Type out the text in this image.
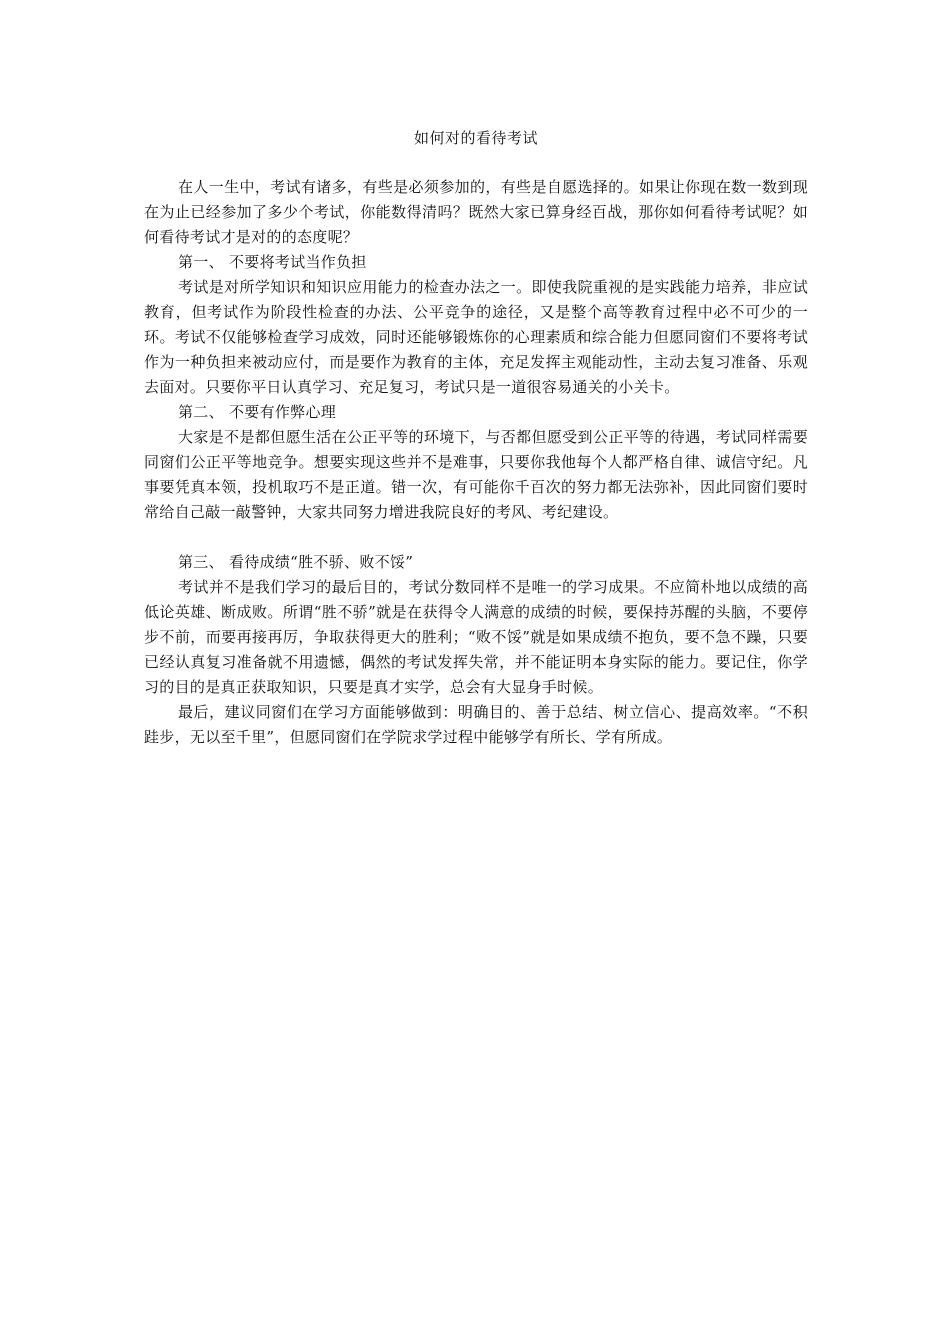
如何对的看待考试

在人一生中，考试有诸多，有些是必须参加的，有些是自愿选择的。如果让你现在数一数到现在为止已经参加了多少个考试，你能数得清吗？既然大家已算身经百战，那你如何看待考试呢？如何看待考试才是对的的态度呢？

第一、 不要将考试当作负担

考试是对所学知识和知识应用能力的检查办法之一。即使我院重视的是实践能力培养，非应试教育，但考试作为阶段性检查的办法、公平竞争的途径，又是整个高等教育过程中必不可少的一环。考试不仅能够检查学习成效，同时还能够锻炼你的心理素质和综合能力但愿同窗们不要将考试作为一种负担来被动应付，而是要作为教育的主体，充足发挥主观能动性，主动去复习准备、乐观去面对。只要你平日认真学习、充足复习，考试只是一道很容易通关的小关卡。

第二、 不要有作弊心理

大家是不是都但愿生活在公正平等的环境下，与否都但愿受到公正平等的待遇，考试同样需要同窗们公正平等地竞争。想要实现这些并不是难事，只要你我他每个人都严格自律、诚信守纪。凡事要凭真本领，投机取巧不是正道。错一次，有可能你千百次的努力都无法弥补，因此同窗们要时常给自己敲一敲警钟，大家共同努力增进我院良好的考风、考纪建设。

第三、 看待成绩“胜不骄、败不馁”

考试并不是我们学习的最后目的，考试分数同样不是唯一的学习成果。不应简朴地以成绩的高低论英雄、断成败。所谓“胜不骄”就是在获得令人满意的成绩的时候，要保持苏醒的头脑，不要停步不前，而要再接再厉，争取获得更大的胜利；“败不馁”就是如果成绩不抱负，要不急不躁，只要已经认真复习准备就不用遗憾，偶然的考试发挥失常，并不能证明本身实际的能力。要记住，你学习的目的是真正获取知识，只要是真才实学，总会有大显身手时候。

最后，建议同窗们在学习方面能够做到：明确目的、善于总结、树立信心、提高效率。“不积跬步，无以至千里”，但愿同窗们在学院求学过程中能够学有所长、学有所成。
